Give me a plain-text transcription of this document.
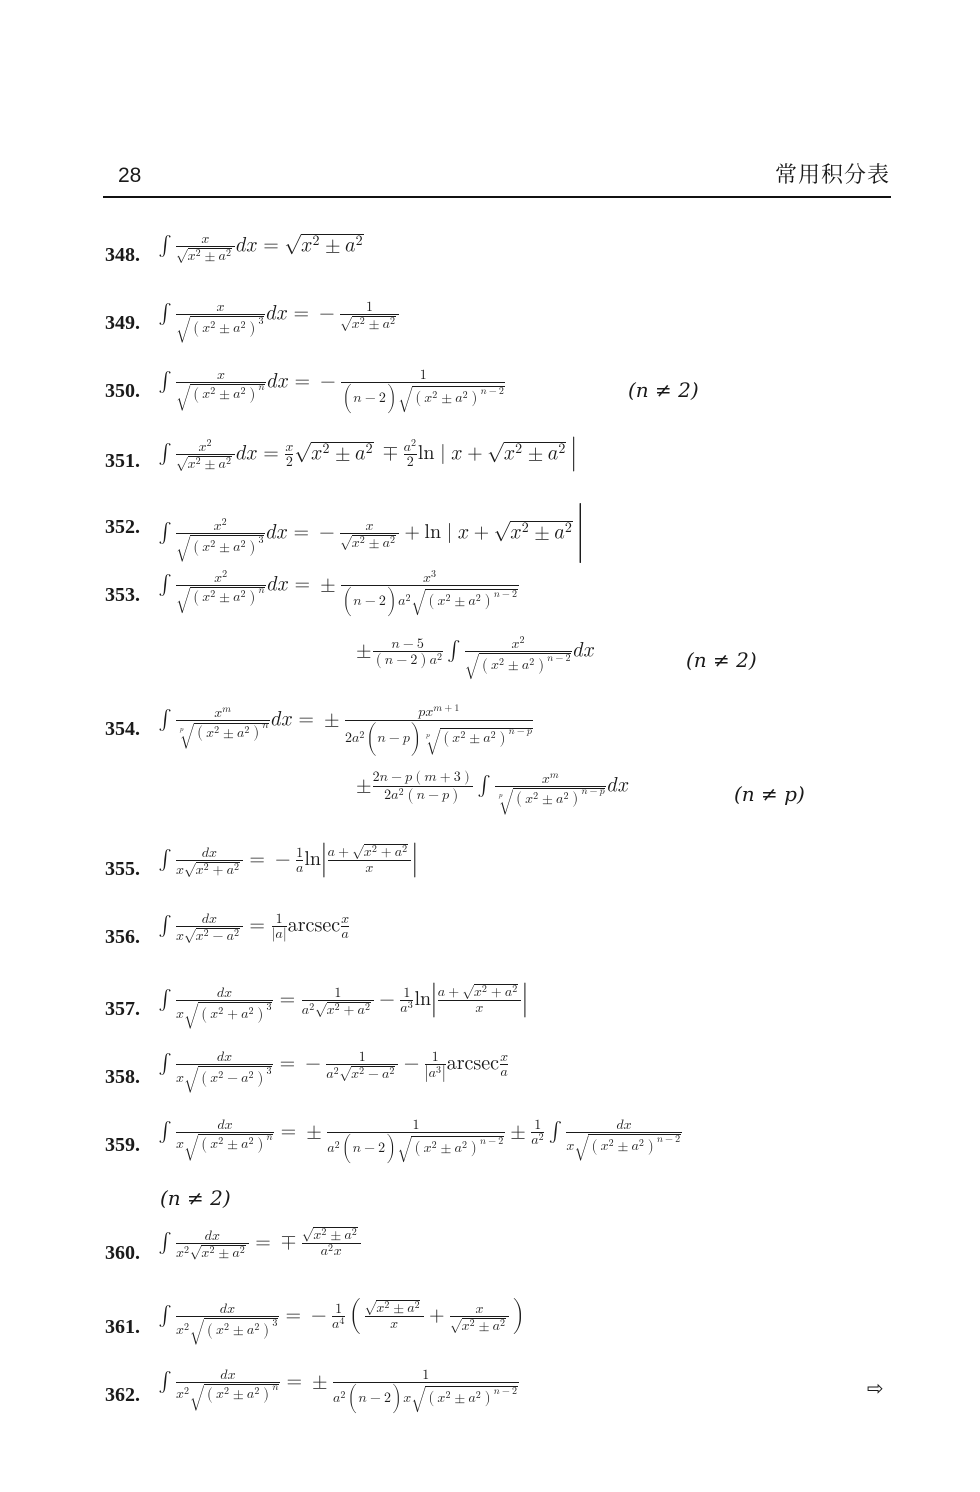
28	常用积分表
348. ∫ x
𝑥 2 ± a 2 d x = x 2 ± a 2
349. ∫	x
( x 2 ± a 2 )
3 d x = − 1
𝑥 2 ± a 2
350. ∫	x
( x 2 ± a 2 )
𝑛 d x = −	1
( n − 2 )	( x 2 ± a 2 )
𝑛 − 2	(n ≠ 2)
351. ∫ x 2
𝑥 2 ± a 2 d x = x
2 x 2 ± a 2 ∓ a 2
2 ln | x + x 2 ± a 2 |
352. ∫	x 2
( x 2 ± a 2 )
3 d x = − x
𝑥 2 ± a 2 + ln | x + x 2 ± a 2
|
353.
∫	x 2
( x 2 ± a 2 )
𝑛 d x = ±	x 3
( n − 2 ) a 2 ( x 2 ± a 2 )
𝑛 − 2
± n − 5
( n − 2 ) a 2 ∫	x 2
( x 2 ± a 2 )
𝑛 − 2 d x	(n ≠ 2)
354. ∫	x m
( x 2 ± a 2 )
𝑛
𝑝
𝑑 x = ±	p x m + 1
2 a 2 (
𝑛 − p
)
( x 2 ± a 2 )
𝑛 − p
𝑝
± 2 n − p ( m + 3 )
2 a 2 ( n − p )
∫	x m
( x 2 ± a 2 )
𝑛 − p
𝑝
𝑑 x	(n ≠ p)
355. ∫ d x
𝑥 x 2 + a 2 = − 1
𝑎 ln | a + x 2 + a 2
𝑥
|
356.
∫ d x
𝑥 x 2 − a 2 = 1
| a |
arcsec x
𝑎
357. ∫	d x
𝑥 ( x 2 + a 2 )
3 =	1
𝑎 2 x 2 + a 2 − 1
𝑎 3 ln | a + x 2 + a 2
𝑥
|
358.
∫	d x
𝑥 ( x 2 − a 2 )
3 = −	1
𝑎 2 x 2 − a 2 − 1
| a 3 |
arcsec x
𝑎
359.
∫	d x
𝑥 ( x 2 ± a 2 )
𝑛 = ±	1
𝑎 2 ( n − 2 )	( x 2 ± a 2 )
𝑛 − 2 ± 1
𝑎 2 ∫	d x
𝑥 ( x 2 ± a 2 )
𝑛 − 2
(n ≠ 2)
360.
∫ d x
𝑥 2 x 2 ± a 2 = ∓ x 2 ± a 2
𝑎 2 x
361.
∫	d x
𝑥 2 ( x 2 ± a 2 )
3 = − 1
𝑎 4
(	x 2 ± a 2
𝑥 + x
𝑥 2 ± a 2
)
362.
∫	d x
𝑥 2 ( x 2 ± a 2 )
𝑛 = ±	1
𝑎 2 ( n − 2 ) x ( x 2 ± a 2 )
𝑛 − 2	⇨
